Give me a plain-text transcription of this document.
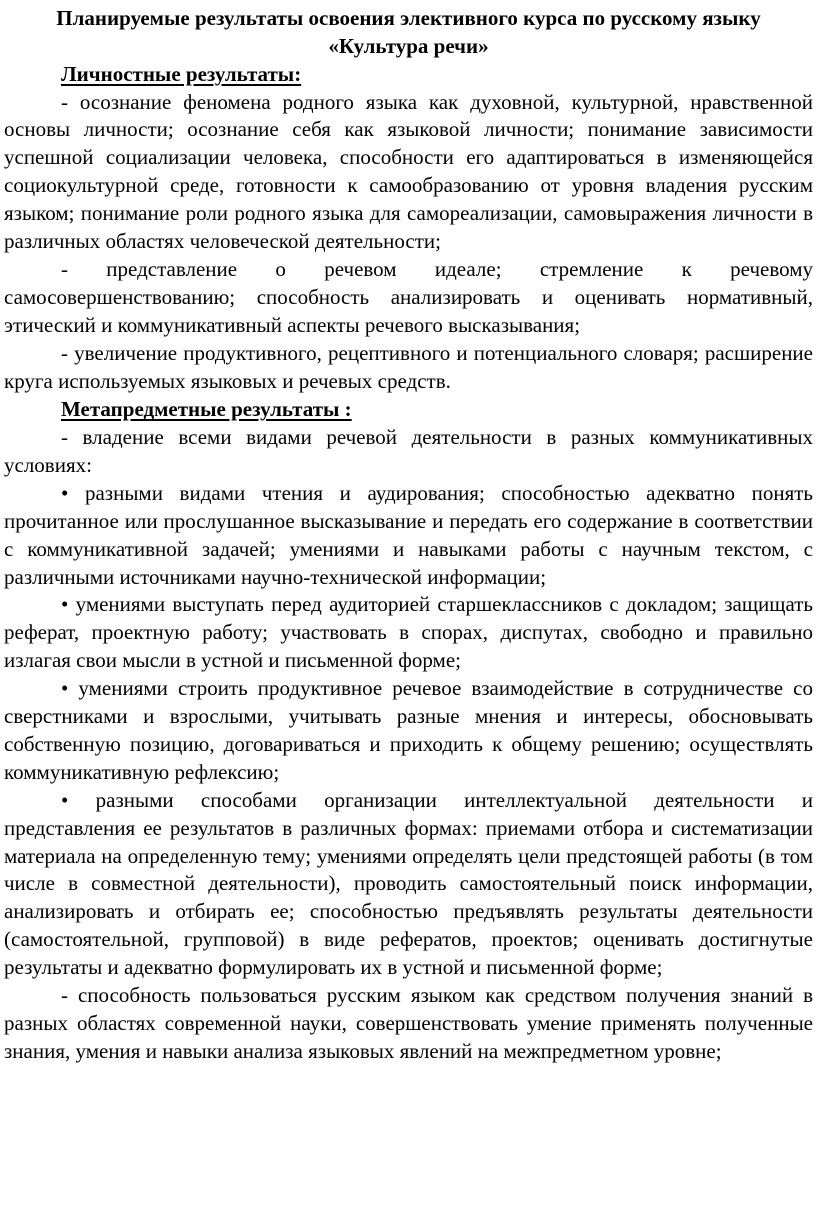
Планируемые результаты освоения элективного курса по русскому языку «Культура речи»
Личностные результаты:

- осознание феномена родного языка как духовной, культурной, нравственной основы личности; осознание себя как языковой личности; понимание зависимости успешной социализации человека, способности его адаптироваться в изменяющейся социокультурной среде, готовности к самообразованию от уровня владения русским языком; понимание роли родного языка для самореализации, самовыражения личности в различных областях человеческой деятельности;

- представление о речевом идеале; стремление к речевому самосовершенствованию; способность анализировать и оценивать нормативный, этический и коммуникативный аспекты речевого высказывания;

- увеличение продуктивного, рецептивного и потенциального словаря; расширение круга используемых языковых и речевых средств.

Метапредметные результаты :

- владение всеми видами речевой деятельности в разных коммуникативных условиях:

• разными видами чтения и аудирования; способностью адекватно понять прочитанное или прослушанное высказывание и передать его содержание в соответствии с коммуникативной задачей; умениями и навыками работы с научным текстом, с различными источниками научно-технической информации;

• умениями выступать перед аудиторией старшеклассников с докладом; защищать реферат, проектную работу; участвовать в спорах, диспутах, свободно и правильно излагая свои мысли в устной и письменной форме;

• умениями строить продуктивное речевое взаимодействие в сотрудничестве со сверстниками и взрослыми, учитывать разные мнения и интересы, обосновывать собственную позицию, договариваться и приходить к общему решению; осуществлять коммуникативную рефлексию;

• разными способами организации интеллектуальной деятельности и представления ее результатов в различных формах: приемами отбора и систематизации материала на определенную тему; умениями определять цели предстоящей работы (в том числе в совместной деятельности), проводить самостоятельный поиск информации, анализировать и отбирать ее; способностью предъявлять результаты деятельности (самостоятельной, групповой) в виде рефератов, проектов; оценивать достигнутые результаты и адекватно формулировать их в устной и письменной форме;

- способность пользоваться русским языком как средством получения знаний в разных областях современной науки, совершенствовать умение применять полученные знания, умения и навыки анализа языковых явлений на межпредметном уровне;
